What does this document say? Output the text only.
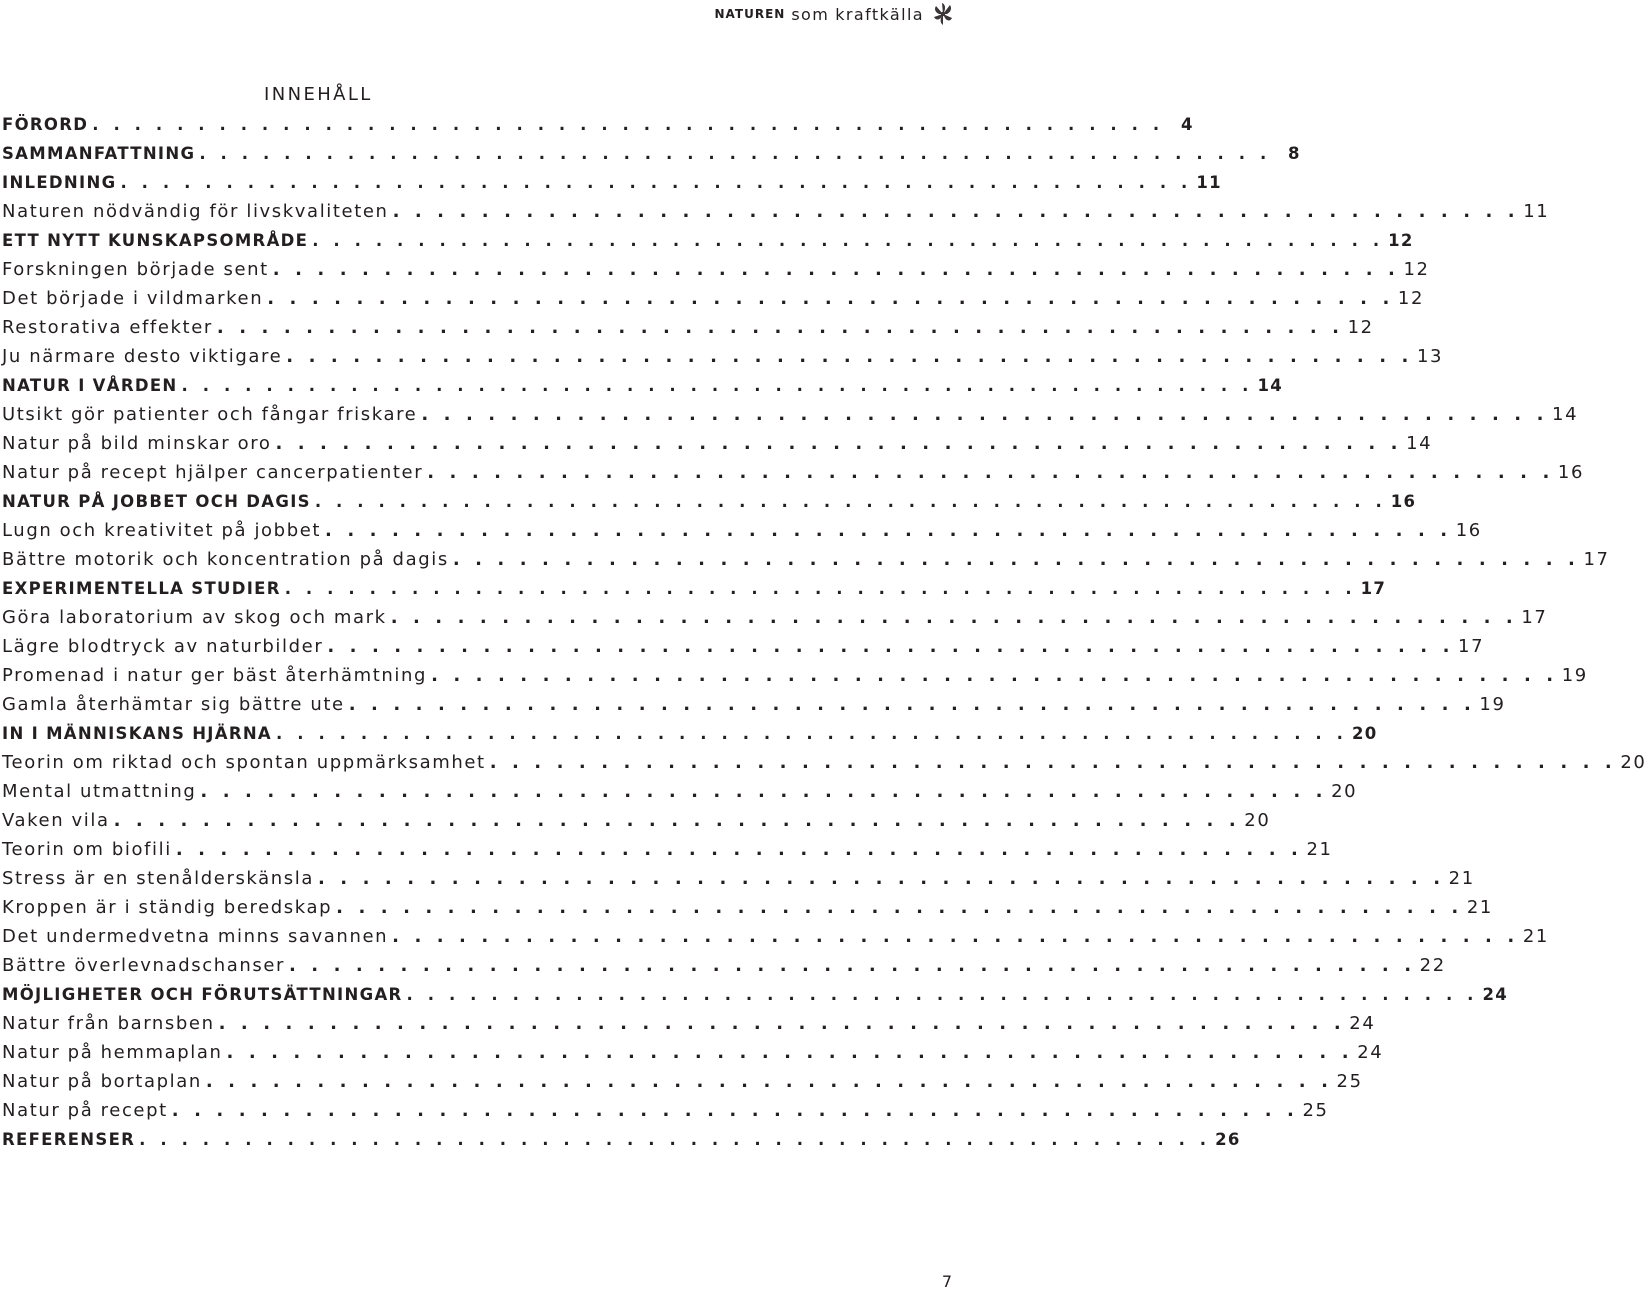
NATUREN som kraftkälla
INNEHÅLL
FÖRORD . . . . . . . . . . . . . . . . . . . . . . . . . . . . . . . . . . . . . . . . . . . . . . . . . . .	4
SAMMANFATTNING . . . . . . . . . . . . . . . . . . . . . . . . . . . . . . . . . . . . . . . . . . . . . . . . . . .	8
INLEDNING . . . . . . . . . . . . . . . . . . . . . . . . . . . . . . . . . . . . . . . . . . . . . . . . . . . 11
Naturen nödvändig för livskvaliteten . . . . . . . . . . . . . . . . . . . . . . . . . . . . . . . . . . . . . . . . . . . . . . . . . . . 11
ETT NYTT KUNSKAPSOMRÅDE . . . . . . . . . . . . . . . . . . . . . . . . . . . . . . . . . . . . . . . . . . . . . . . . . . . 12
Forskningen började sent . . . . . . . . . . . . . . . . . . . . . . . . . . . . . . . . . . . . . . . . . . . . . . . . . . . 12
Det började i vildmarken . . . . . . . . . . . . . . . . . . . . . . . . . . . . . . . . . . . . . . . . . . . . . . . . . . . 12
Restorativa effekter . . . . . . . . . . . . . . . . . . . . . . . . . . . . . . . . . . . . . . . . . . . . . . . . . . . 12
Ju närmare desto viktigare . . . . . . . . . . . . . . . . . . . . . . . . . . . . . . . . . . . . . . . . . . . . . . . . . . . 13
NATUR I VÅRDEN . . . . . . . . . . . . . . . . . . . . . . . . . . . . . . . . . . . . . . . . . . . . . . . . . . . 14
Utsikt gör patienter och fångar friskare . . . . . . . . . . . . . . . . . . . . . . . . . . . . . . . . . . . . . . . . . . . . . . . . . . . 14
Natur på bild minskar oro . . . . . . . . . . . . . . . . . . . . . . . . . . . . . . . . . . . . . . . . . . . . . . . . . . . 14
Natur på recept hjälper cancerpatienter . . . . . . . . . . . . . . . . . . . . . . . . . . . . . . . . . . . . . . . . . . . . . . . . . . . 16
NATUR PÅ JOBBET OCH DAGIS . . . . . . . . . . . . . . . . . . . . . . . . . . . . . . . . . . . . . . . . . . . . . . . . . . . 16
Lugn och kreativitet på jobbet . . . . . . . . . . . . . . . . . . . . . . . . . . . . . . . . . . . . . . . . . . . . . . . . . . . 16
Bättre motorik och koncentration på dagis . . . . . . . . . . . . . . . . . . . . . . . . . . . . . . . . . . . . . . . . . . . . . . . . . . . 17
EXPERIMENTELLA STUDIER . . . . . . . . . . . . . . . . . . . . . . . . . . . . . . . . . . . . . . . . . . . . . . . . . . . 17
Göra laboratorium av skog och mark . . . . . . . . . . . . . . . . . . . . . . . . . . . . . . . . . . . . . . . . . . . . . . . . . . . 17
Lägre blodtryck av naturbilder . . . . . . . . . . . . . . . . . . . . . . . . . . . . . . . . . . . . . . . . . . . . . . . . . . . 17
Promenad i natur ger bäst återhämtning . . . . . . . . . . . . . . . . . . . . . . . . . . . . . . . . . . . . . . . . . . . . . . . . . . . 19
Gamla återhämtar sig bättre ute . . . . . . . . . . . . . . . . . . . . . . . . . . . . . . . . . . . . . . . . . . . . . . . . . . . 19
IN I MÄNNISKANS HJÄRNA . . . . . . . . . . . . . . . . . . . . . . . . . . . . . . . . . . . . . . . . . . . . . . . . . . . 20
Teorin om riktad och spontan uppmärksamhet . . . . . . . . . . . . . . . . . . . . . . . . . . . . . . . . . . . . . . . . . . . . . . . . . . . 20
Mental utmattning . . . . . . . . . . . . . . . . . . . . . . . . . . . . . . . . . . . . . . . . . . . . . . . . . . . 20
Vaken vila . . . . . . . . . . . . . . . . . . . . . . . . . . . . . . . . . . . . . . . . . . . . . . . . . . . 20
Teorin om biofili . . . . . . . . . . . . . . . . . . . . . . . . . . . . . . . . . . . . . . . . . . . . . . . . . . . 21
Stress är en stenålderskänsla . . . . . . . . . . . . . . . . . . . . . . . . . . . . . . . . . . . . . . . . . . . . . . . . . . . 21
Kroppen är i ständig beredskap . . . . . . . . . . . . . . . . . . . . . . . . . . . . . . . . . . . . . . . . . . . . . . . . . . . 21
Det undermedvetna minns savannen . . . . . . . . . . . . . . . . . . . . . . . . . . . . . . . . . . . . . . . . . . . . . . . . . . . 21
Bättre överlevnadschanser . . . . . . . . . . . . . . . . . . . . . . . . . . . . . . . . . . . . . . . . . . . . . . . . . . . 22
MÖJLIGHETER OCH FÖRUTSÄTTNINGAR . . . . . . . . . . . . . . . . . . . . . . . . . . . . . . . . . . . . . . . . . . . . . . . . . . . 24
Natur från barnsben . . . . . . . . . . . . . . . . . . . . . . . . . . . . . . . . . . . . . . . . . . . . . . . . . . . 24
Natur på hemmaplan . . . . . . . . . . . . . . . . . . . . . . . . . . . . . . . . . . . . . . . . . . . . . . . . . . . 24
Natur på bortaplan . . . . . . . . . . . . . . . . . . . . . . . . . . . . . . . . . . . . . . . . . . . . . . . . . . . 25
Natur på recept . . . . . . . . . . . . . . . . . . . . . . . . . . . . . . . . . . . . . . . . . . . . . . . . . . . 25
REFERENSER . . . . . . . . . . . . . . . . . . . . . . . . . . . . . . . . . . . . . . . . . . . . . . . . . . . 26
7
